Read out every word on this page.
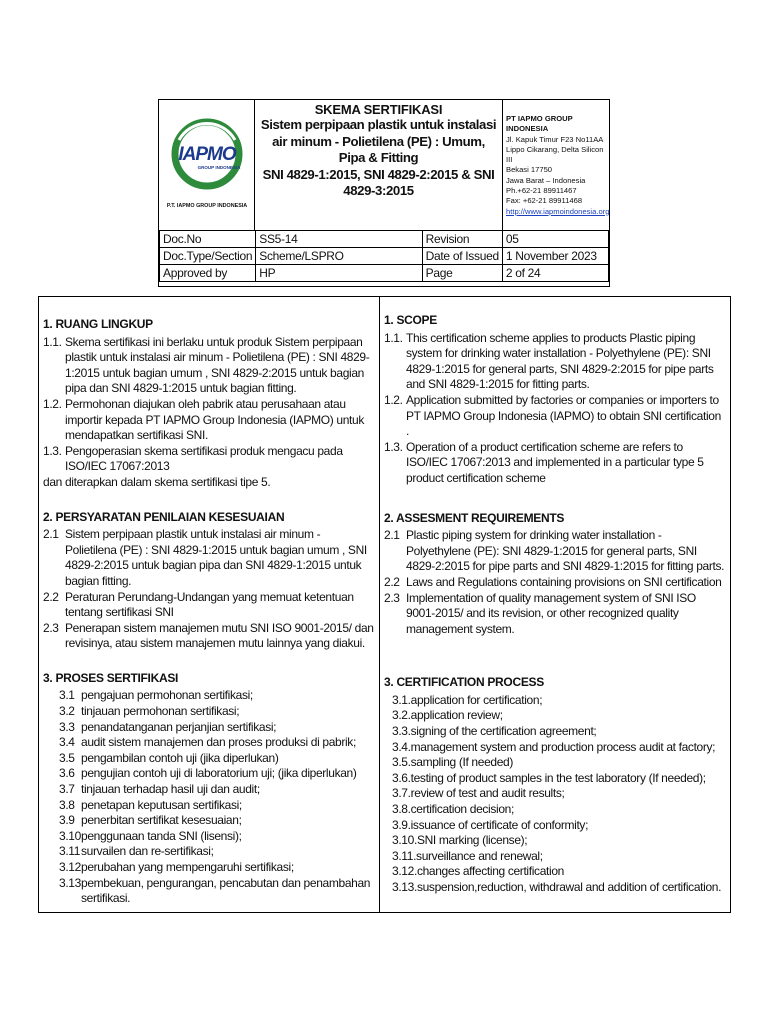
IAPMO
GROUP INDONESIA
P.T. IAPMO GROUP INDONESIA
SKEMA SERTIFIKASI
Sistem perpipaan plastik untuk instalasi air minum - Polietilena (PE) : Umum, Pipa & Fitting
SNI 4829-1:2015, SNI 4829-2:2015 & SNI 4829-3:2015
PT IAPMO GROUP INDONESIA
Jl. Kapuk Timur F23 No11AA
Lippo Cikarang, Delta Silicon III
Bekasi 17750
Jawa Barat – Indonesia
Ph.+62-21 89911467
Fax: +62-21 89911468
http://www.iapmoindonesia.org
Doc.No	SS5-14	Revision	05
Doc.Type/Section	Scheme/LSPRO	Date of Issued	1 November 2023
Approved by	HP	Page	2 of 24

1. RUANG LINGKUP

1.1. Skema sertifikasi ini berlaku untuk produk Sistem perpipaan plastik untuk instalasi air minum - Polietilena (PE) : SNI 4829-1:2015 untuk bagian umum , SNI 4829-2:2015 untuk bagian pipa dan SNI 4829-1:2015 untuk bagian fitting.
1.2. Permohonan diajukan oleh pabrik atau perusahaan atau importir kepada PT IAPMO Group Indonesia (IAPMO) untuk mendapatkan sertifikasi SNI.
1.3. Pengoperasian skema sertifikasi produk mengacu pada ISO/IEC 17067:2013

dan diterapkan dalam skema sertifikasi tipe 5.

2. PERSYARATAN PENILAIAN KESESUAIAN

2.1 Sistem perpipaan plastik untuk instalasi air minum - Polietilena (PE) : SNI 4829-1:2015 untuk bagian umum , SNI 4829-2:2015 untuk bagian pipa dan SNI 4829-1:2015 untuk bagian fitting.
2.2 Peraturan Perundang-Undangan yang memuat ketentuan tentang sertifikasi SNI
2.3 Penerapan sistem manajemen mutu SNI ISO 9001-2015/ dan revisinya, atau sistem manajemen mutu lainnya yang diakui.

3. PROSES SERTIFIKASI

3.1 pengajuan permohonan sertifikasi;
3.2 tinjauan permohonan sertifikasi;
3.3 penandatanganan perjanjian sertifikasi;
3.4 audit sistem manajemen dan proses produksi di pabrik;
3.5 pengambilan contoh uji (jika diperlukan)
3.6 pengujian contoh uji di laboratorium uji; (jika diperlukan)
3.7 tinjauan terhadap hasil uji dan audit;
3.8 penetapan keputusan sertifikasi;
3.9 penerbitan sertifikat kesesuaian;
3.10 penggunaan tanda SNI (lisensi);
3.11 survailen dan re-sertifikasi;
3.12 perubahan yang mempengaruhi sertifikasi;
3.13 pembekuan, pengurangan, pencabutan dan penambahan sertifikasi.

1. SCOPE

1.1. This certification scheme applies to products Plastic piping system for drinking water installation - Polyethylene (PE): SNI 4829-1:2015 for general parts, SNI 4829-2:2015 for pipe parts and SNI 4829-1:2015 for fitting parts.
1.2. Application submitted by factories or companies or importers to PT IAPMO Group Indonesia (IAPMO) to obtain SNI certification .
1.3. Operation of a product certification scheme are refers to ISO/IEC 17067:2013 and implemented in a particular type 5 product certification scheme

2. ASSESMENT REQUIREMENTS

2.1 Plastic piping system for drinking water installation - Polyethylene (PE): SNI 4829-1:2015 for general parts, SNI 4829-2:2015 for pipe parts and SNI 4829-1:2015 for fitting parts.
2.2 Laws and Regulations containing provisions on SNI certification
2.3 Implementation of quality management system of SNI ISO 9001-2015/ and its revision, or other recognized quality management system.

3. CERTIFICATION PROCESS

3.1.application for certification;

3.2.application review;

3.3.signing of the certification agreement;

3.4.management system and production process audit at factory;

3.5.sampling (If needed)

3.6.testing of product samples in the test laboratory (If needed);

3.7.review of test and audit results;

3.8.certification decision;

3.9.issuance of certificate of conformity;

3.10.SNI marking (license);

3.11.surveillance and renewal;

3.12.changes affecting certification

3.13.suspension,reduction, withdrawal and addition of certification.
